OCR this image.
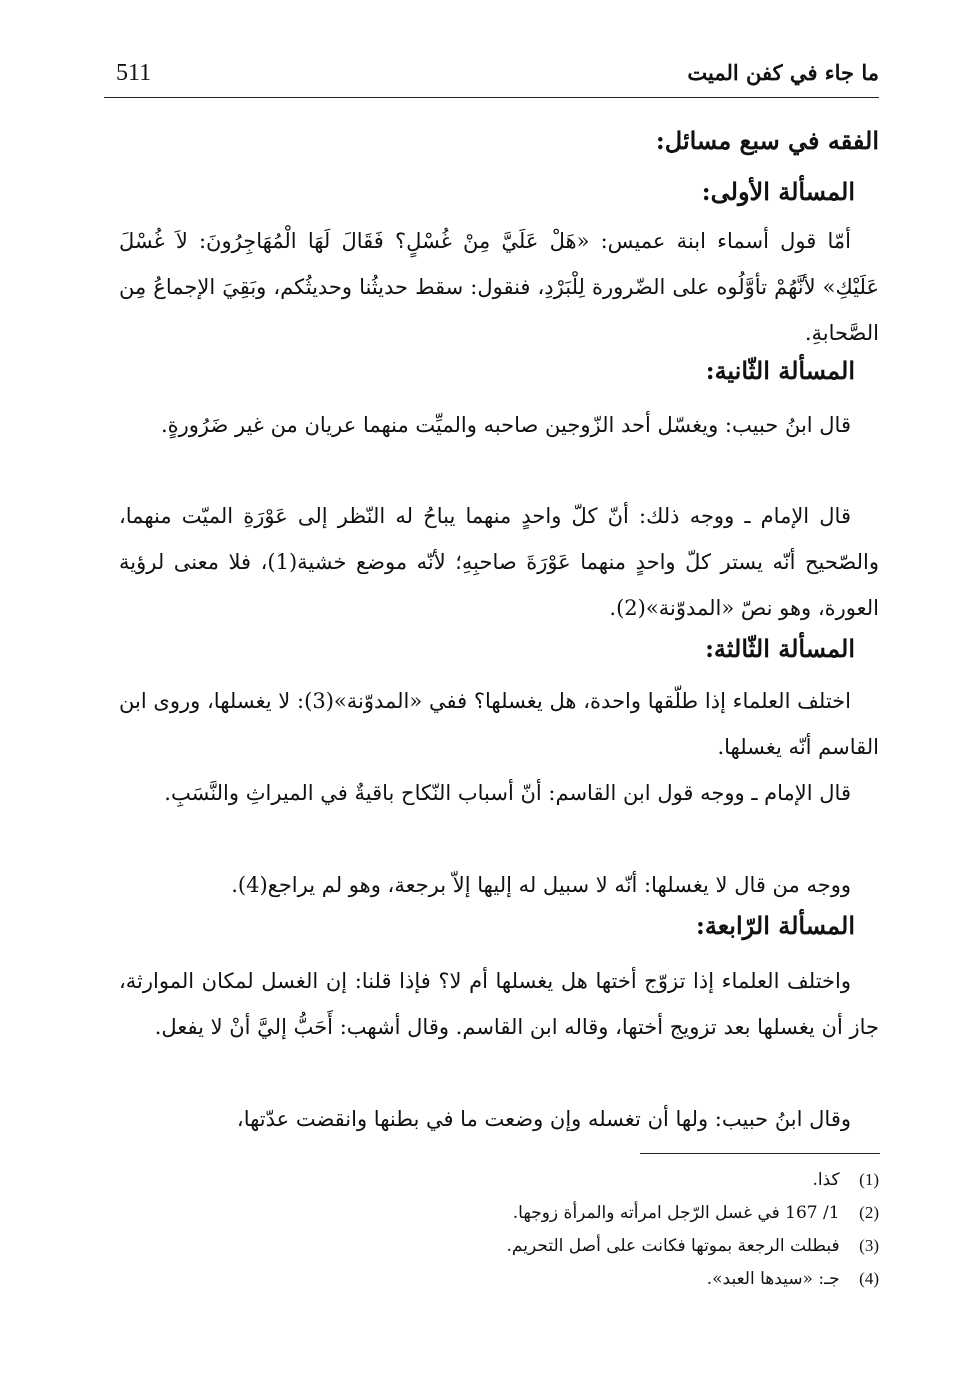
ما جاء في كفن الميت
511
الفقه في سبع مسائل:
المسألة الأولى:
أمّا قول أسماء ابنة عميس: «هَلْ عَلَيَّ مِنْ غُسْلٍ؟ فَقَالَ لَهَا الْمُهَاجِرُونَ: لاَ غُسْلَ عَلَيْكِ» لأنَّهُمْ تأوَّلُوه على الضّرورة لِلْبَرْدِ، فنقول: سقط حديثُنا وحديثُكم، وبَقِيَ الإجماعُ مِن الصَّحابةِ.
المسألة الثّانية:
قال ابنُ حبيب: ويغسّل أحد الزّوجين صاحبه والميِّت منهما عريان من غير ضَرُورةٍ.
قال الإمام ـ ووجه ذلك: أنّ كلّ واحدٍ منهما يباحُ له النّظر إلى عَوْرَةِ الميّت منهما، والصّحيح أنّه يستر كلّ واحدٍ منهما عَوْرَةَ صاحبِهِ؛ لأنّه موضع خشية(1)، فلا معنى لرؤية العورة، وهو نصّ «المدوّنة»(2).
المسألة الثّالثة:
اختلف العلماء إذا طلّقها واحدة، هل يغسلها؟ ففي «المدوّنة»(3): لا يغسلها، وروى ابن القاسم أنّه يغسلها.
قال الإمام ـ ووجه قول ابن القاسم: أنّ أسباب النّكاح باقيةٌ في الميراثِ والنَّسَبِ.
ووجه من قال لا يغسلها: أنّه لا سبيل له إليها إلاّ برجعة، وهو لم يراجع(4).
المسألة الرّابعة:
واختلف العلماء إذا تزوّج أختها هل يغسلها أم لا؟ فإذا قلنا: إن الغسل لمكان الموارثة، جاز أن يغسلها بعد تزويج أختها، وقاله ابن القاسم. وقال أشهب: أَحَبُّ إليَّ أنْ لا يفعل.
وقال ابنُ حبيب: ولها أن تغسله وإن وضعت ما في بطنها وانقضت عدّتها،
(1) كذا.
(2) 1/ 167 في غسل الرّجل امرأته والمرأة زوجها.
(3) فبطلت الرجعة بموتها فكانت على أصل التحريم.
(4) جـ: «سيدها العبد».
